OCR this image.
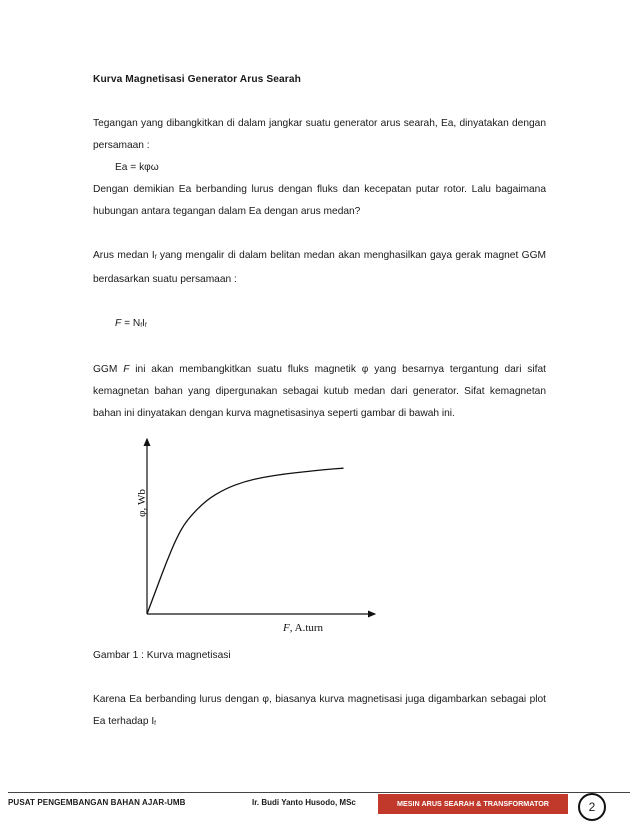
Kurva Magnetisasi Generator Arus Searah

Tegangan yang dibangkitkan di dalam jangkar suatu generator arus searah, Ea, dinyatakan dengan persamaan :

Ea = kφω

Dengan demikian Ea berbanding lurus dengan fluks dan kecepatan putar rotor. Lalu bagaimana hubungan antara tegangan dalam Ea dengan arus medan?

Arus medan $I_f$ yang mengalir di dalam belitan medan akan menghasilkan gaya gerak magnet GGM berdasarkan suatu persamaan :

$F = N_fI_f$

GGM F ini akan membangkitkan suatu fluks magnetik φ yang besarnya tergantung dari sifat kemagnetan bahan yang dipergunakan sebagai kutub medan dari generator. Sifat kemagnetan bahan ini dinyatakan dengan kurva magnetisasinya seperti gambar di bawah ini.

φ, Wb
F, A.turn

Gambar 1 : Kurva magnetisasi

Karena Ea berbanding lurus dengan φ, biasanya kurva magnetisasi juga digambarkan sebagai plot Ea terhadap $I_f$

PUSAT PENGEMBANGAN BAHAN AJAR-UMB	Ir. Budi Yanto Husodo, MSc	MESIN ARUS SEARAH & TRANSFORMATOR	2
